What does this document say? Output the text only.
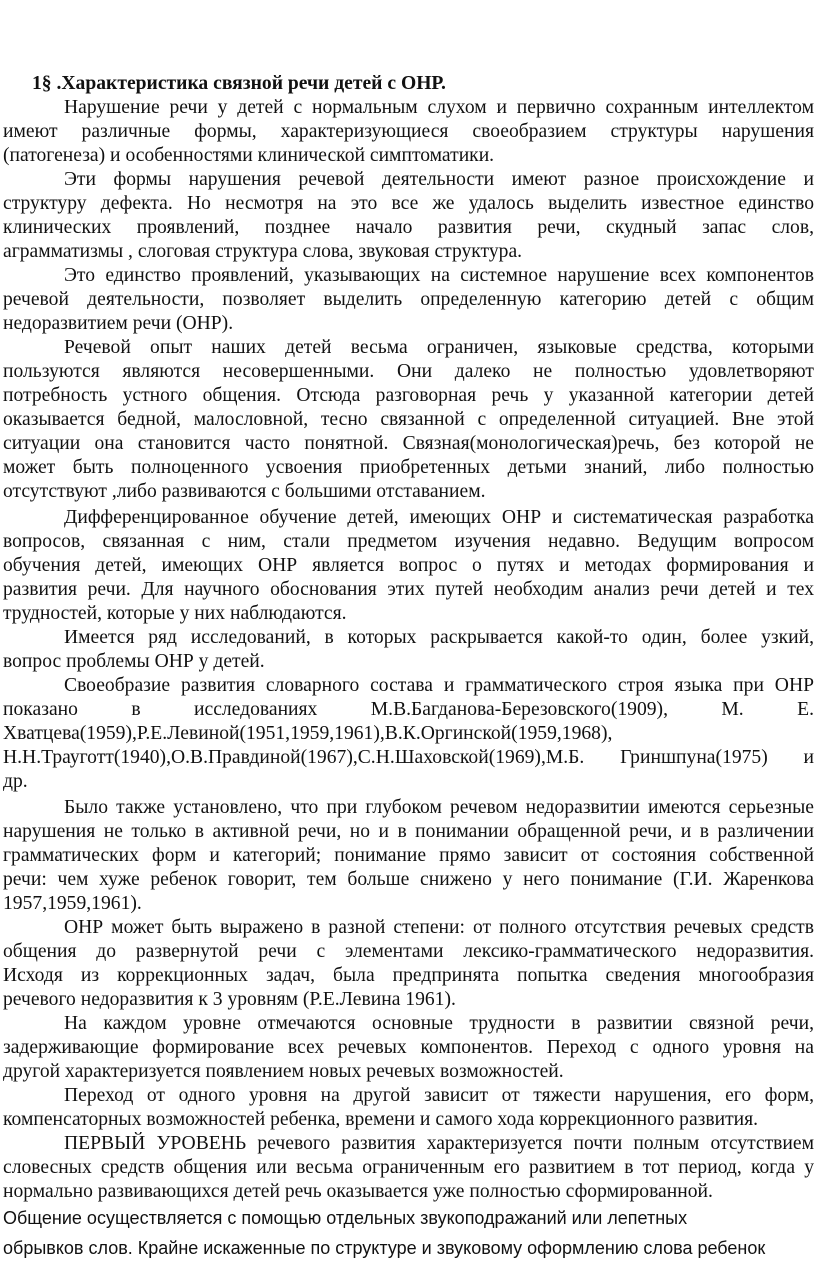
1§ .Характеристика связной речи детей с ОНР.
Нарушение речи у детей с нормальным слухом и первично сохранным интеллектом
имеют различные формы, характеризующиеся своеобразием структуры нарушения
(патогенеза) и особенностями клинической симптоматики.
Эти формы нарушения речевой деятельности имеют разное происхождение и
структуру дефекта. Но несмотря на это все же удалось выделить известное единство
клинических проявлений, позднее начало развития речи, скудный запас слов,
аграмматизмы , слоговая структура слова, звуковая структура.
Это единство проявлений, указывающих на системное нарушение всех компонентов
речевой деятельности, позволяет выделить определенную категорию детей с общим
недоразвитием речи (ОНР).
Речевой опыт наших детей весьма ограничен, языковые средства, которыми
пользуются являются несовершенными. Они далеко не полностью удовлетворяют
потребность устного общения. Отсюда разговорная речь у указанной категории детей
оказывается бедной, малословной, тесно связанной с определенной ситуацией. Вне этой
ситуации она становится часто понятной. Связная(монологическая)речь, без которой не
может быть полноценного усвоения приобретенных детьми знаний, либо полностью
отсутствуют ,либо развиваются с большими отставанием.
Дифференцированное обучение детей, имеющих ОНР и систематическая разработка
вопросов, связанная с ним, стали предметом изучения недавно. Ведущим вопросом
обучения детей, имеющих ОНР является вопрос о путях и методах формирования и
развития речи. Для научного обоснования этих путей необходим анализ речи детей и тех
трудностей, которые у них наблюдаются.
Имеется ряд исследований, в которых раскрывается какой-то один, более узкий,
вопрос проблемы ОНР у детей.
Своеобразие развития словарного состава и грамматического строя языка при ОНР
показано в исследованиях М.В.Багданова-Березовского(1909), М. Е.
Хватцева(1959),Р.Е.Левиной(1951,1959,1961),В.К.Оргинской(1959,1968),
Н.Н.Трауготт(1940),О.В.Правдиной(1967),С.Н.Шаховской(1969),М.Б. Гриншпуна(1975) и
др.
Было также установлено, что при глубоком речевом недоразвитии имеются серьезные
нарушения не только в активной речи, но и в понимании обращенной речи, и в различении
грамматических форм и категорий; понимание прямо зависит от состояния собственной
речи: чем хуже ребенок говорит, тем больше снижено у него понимание (Г.И. Жаренкова
1957,1959,1961).
ОНР может быть выражено в разной степени: от полного отсутствия речевых средств
общения до развернутой речи с элементами лексико-грамматического недоразвития.
Исходя из коррекционных задач, была предпринята попытка сведения многообразия
речевого недоразвития к 3 уровням (Р.Е.Левина 1961).
На каждом уровне отмечаются основные трудности в развитии связной речи,
задерживающие формирование всех речевых компонентов. Переход с одного уровня на
другой характеризуется появлением новых речевых возможностей.
Переход от одного уровня на другой зависит от тяжести нарушения, его форм,
компенсаторных возможностей ребенка, времени и самого хода коррекционного развития.
ПЕРВЫЙ УРОВЕНЬ речевого развития характеризуется почти полным отсутствием
словесных средств общения или весьма ограниченным его развитием в тот период, когда у
нормально развивающихся детей речь оказывается уже полностью сформированной.
Общение осуществляется с помощью отдельных звукоподражаний или лепетных
обрывков слов. Крайне искаженные по структуре и звуковому оформлению слова ребенок
